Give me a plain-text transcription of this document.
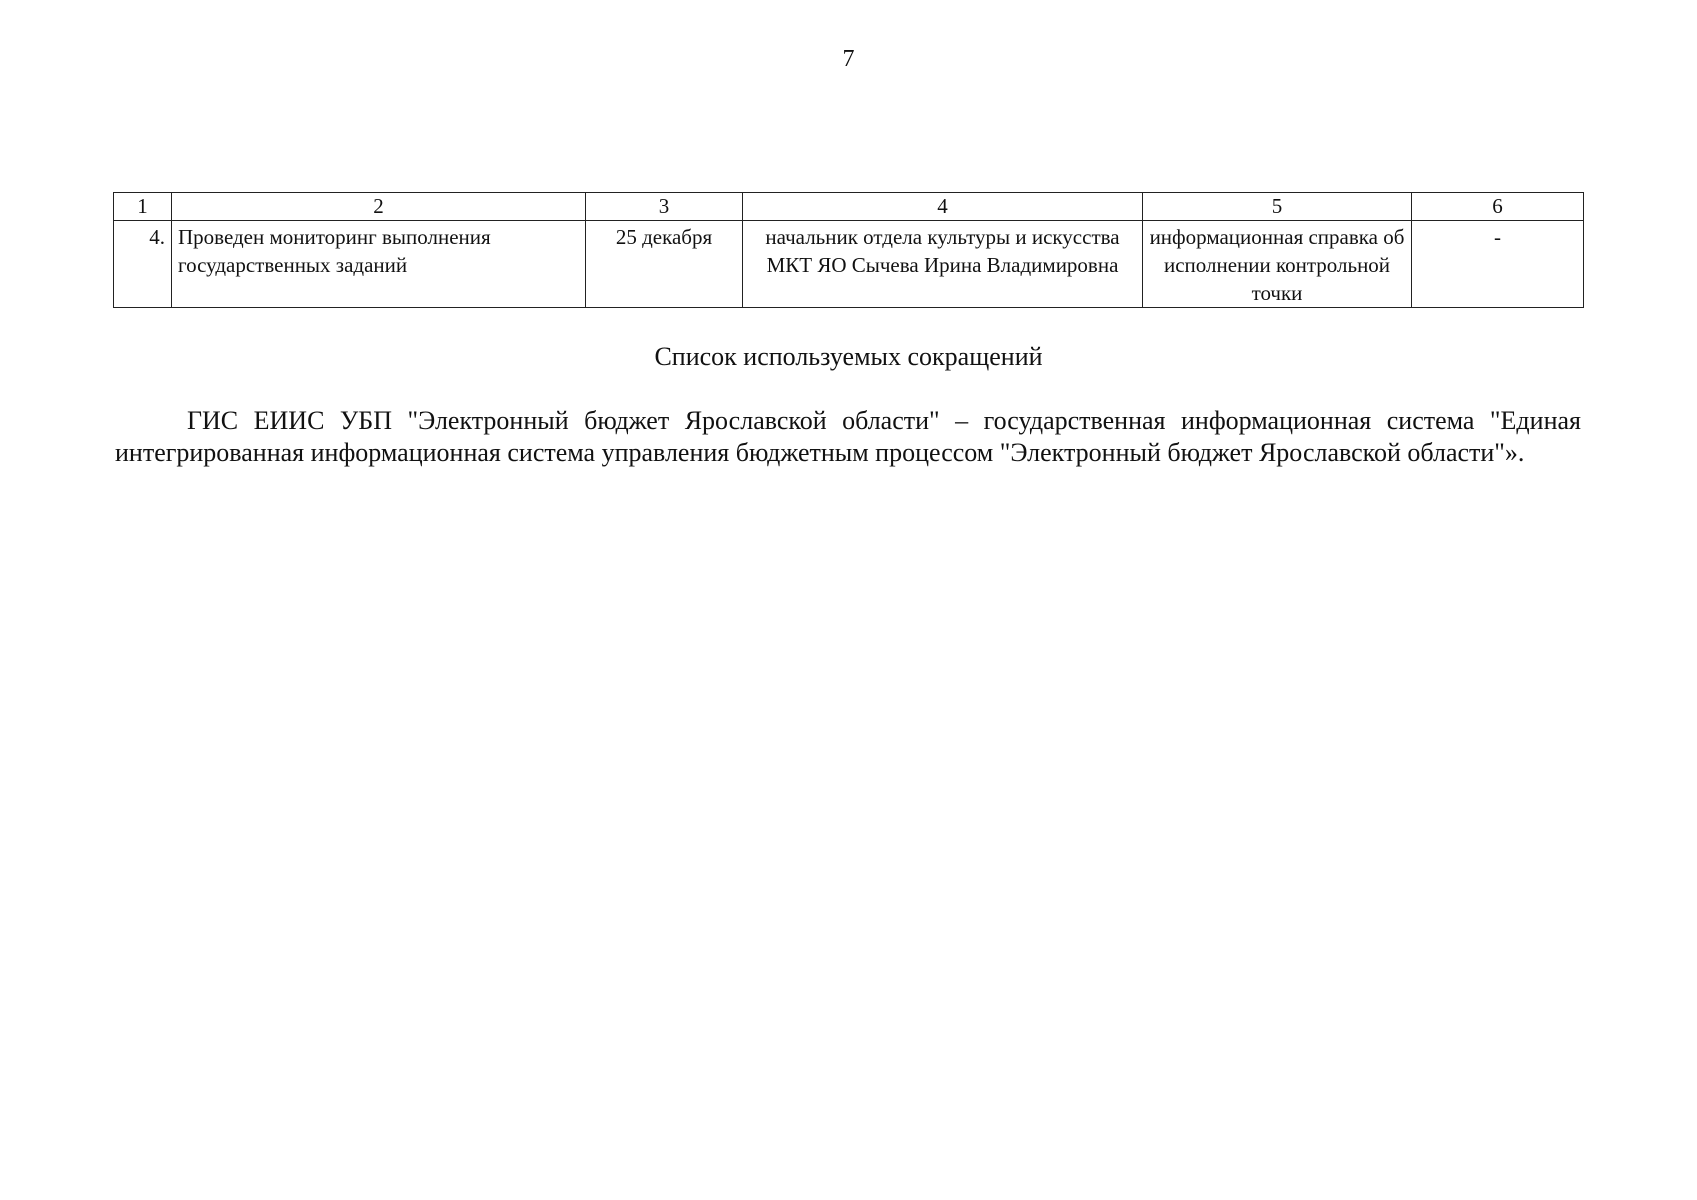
7
1	2	3	4	5	6
4.	Проведен мониторинг выполнения государственных заданий	25 декабря	начальник отдела культуры и искусства МКТ ЯО Сычева Ирина Владимировна	информационная справка об исполнении контрольной точки	-
Список используемых сокращений
ГИС ЕИИС УБП "Электронный бюджет Ярославской области" – государственная информационная система "Единая интегрированная информационная система управления бюджетным процессом "Электронный бюджет Ярославской области"».
